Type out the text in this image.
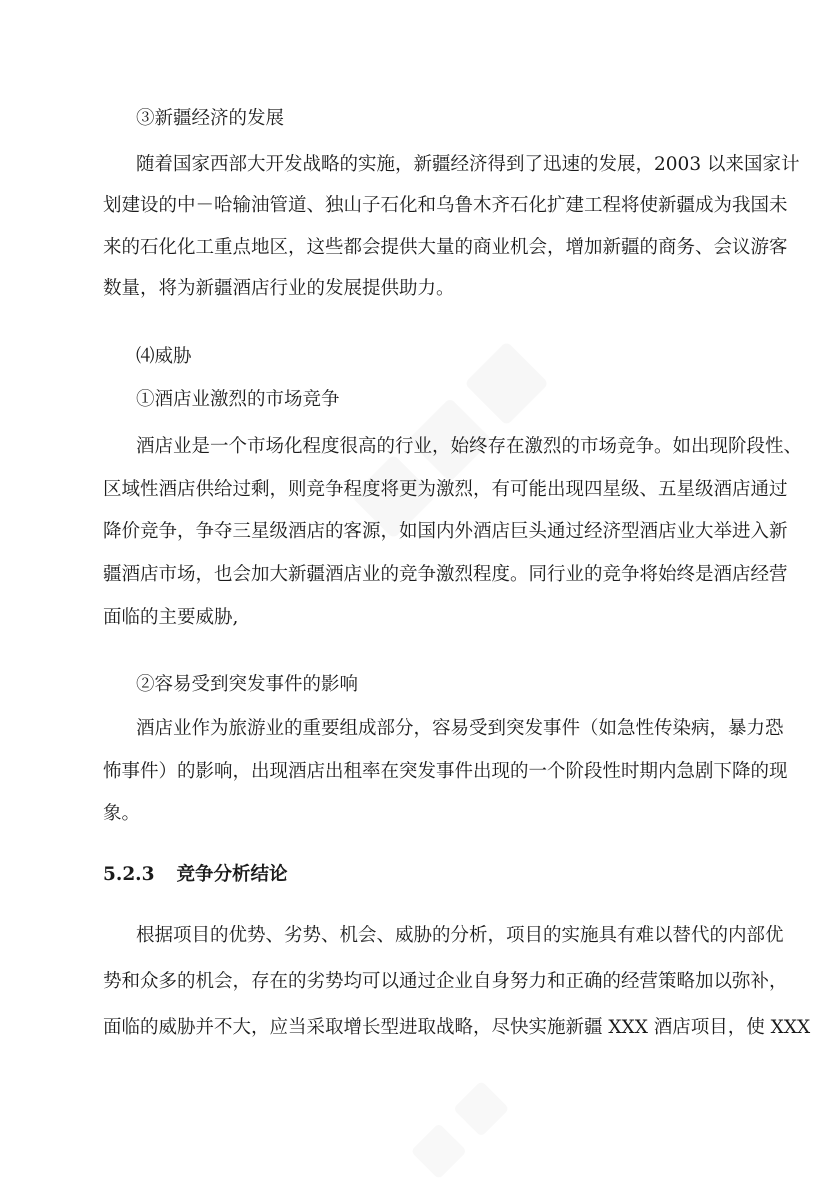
③新疆经济的发展
随着国家西部大开发战略的实施，新疆经济得到了迅速的发展，2003 以来国家计
划建设的中－哈输油管道、独山子石化和乌鲁木齐石化扩建工程将使新疆成为我国未
来的石化化工重点地区，这些都会提供大量的商业机会，增加新疆的商务、会议游客
数量，将为新疆酒店行业的发展提供助力。
⑷威胁
①酒店业激烈的市场竞争
酒店业是一个市场化程度很高的行业，始终存在激烈的市场竞争。如出现阶段性、
区域性酒店供给过剩，则竞争程度将更为激烈，有可能出现四星级、五星级酒店通过
降价竞争，争夺三星级酒店的客源，如国内外酒店巨头通过经济型酒店业大举进入新
疆酒店市场，也会加大新疆酒店业的竞争激烈程度。同行业的竞争将始终是酒店经营
面临的主要威胁,
②容易受到突发事件的影响
酒店业作为旅游业的重要组成部分，容易受到突发事件（如急性传染病，暴力恐
怖事件）的影响，出现酒店出租率在突发事件出现的一个阶段性时期内急剧下降的现
象。
5.2.3 竞争分析结论
根据项目的优势、劣势、机会、威胁的分析，项目的实施具有难以替代的内部优
势和众多的机会，存在的劣势均可以通过企业自身努力和正确的经营策略加以弥补，
面临的威胁并不大，应当采取增长型进取战略，尽快实施新疆 XXX 酒店项目，使 XXX
